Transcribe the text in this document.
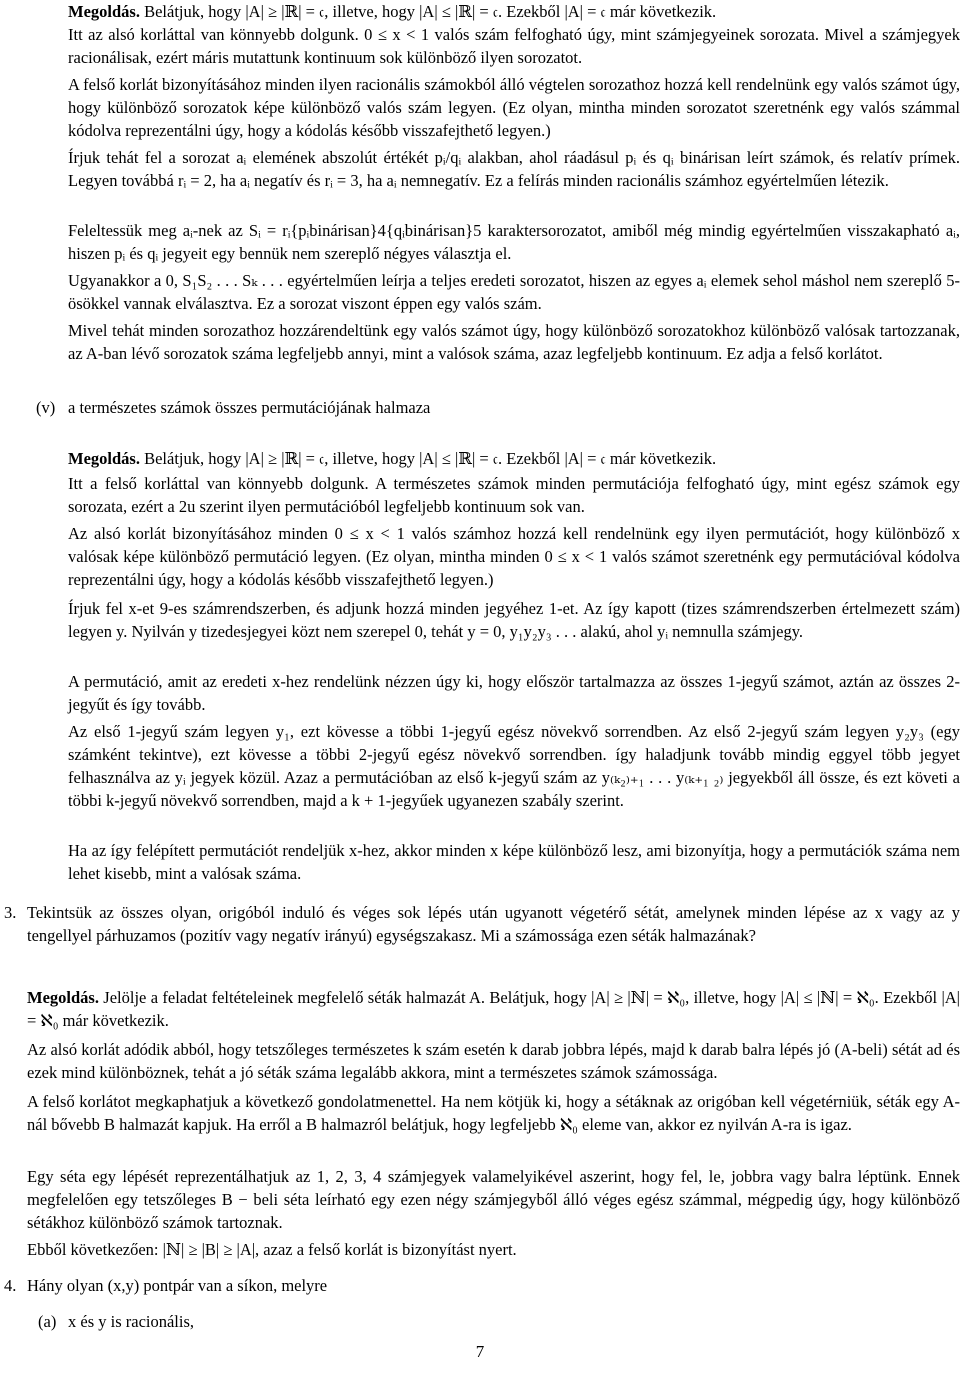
Megoldás. Belátjuk, hogy |A| ≥ |ℝ| = 𝔠, illetve, hogy |A| ≤ |ℝ| = 𝔠. Ezekből |A| = 𝔠 már következik.

Itt az alsó korláttal van könnyebb dolgunk. 0 ≤ x < 1 valós szám felfogható úgy, mint számjegyeinek sorozata. Mivel a számjegyek racionálisak, ezért máris mutattunk kontinuum sok különböző ilyen sorozatot.

A felső korlát bizonyításához minden ilyen racionális számokból álló végtelen sorozathoz hozzá kell rendelnünk egy valós számot úgy, hogy különböző sorozatok képe különböző valós szám legyen. (Ez olyan, mintha minden sorozatot szeretnénk egy valós számmal kódolva reprezentálni úgy, hogy a kódolás később visszafejthető legyen.)

Írjuk tehát fel a sorozat aᵢ elemének abszolút értékét pᵢ/qᵢ alakban, ahol ráadásul pᵢ és qᵢ binárisan leírt számok, és relatív prímek. Legyen továbbá rᵢ = 2, ha aᵢ negatív és rᵢ = 3, ha aᵢ nemnegatív. Ez a felírás minden racionális számhoz egyértelműen létezik.

Feleltessük meg aᵢ-nek az Sᵢ = rᵢ{pᵢbinárisan}4{qᵢbinárisan}5 karaktersorozatot, amiből még mindig egyértelműen visszakapható aᵢ, hiszen pᵢ és qᵢ jegyeit egy bennük nem szereplő négyes választja el.

Ugyanakkor a 0, S₁S₂ . . . Sₖ . . . egyértelműen leírja a teljes eredeti sorozatot, hiszen az egyes aᵢ elemek sehol máshol nem szereplő 5-ösökkel vannak elválasztva. Ez a sorozat viszont éppen egy valós szám.

Mivel tehát minden sorozathoz hozzárendeltünk egy valós számot úgy, hogy különböző sorozatokhoz különböző valósak tartozzanak, az A-ban lévő sorozatok száma legfeljebb annyi, mint a valósok száma, azaz legfeljebb kontinuum. Ez adja a felső korlátot.

(v) a természetes számok összes permutációjának halmaza

Megoldás. Belátjuk, hogy |A| ≥ |ℝ| = 𝔠, illetve, hogy |A| ≤ |ℝ| = 𝔠. Ezekből |A| = 𝔠 már következik.

Itt a felső korláttal van könnyebb dolgunk. A természetes számok minden permutációja felfogható úgy, mint egész számok egy sorozata, ezért a 2u szerint ilyen permutációból legfeljebb kontinuum sok van.

Az alsó korlát bizonyításához minden 0 ≤ x < 1 valós számhoz hozzá kell rendelnünk egy ilyen permutációt, hogy különböző x valósak képe különböző permutáció legyen. (Ez olyan, mintha minden 0 ≤ x < 1 valós számot szeretnénk egy permutációval kódolva reprezentálni úgy, hogy a kódolás később visszafejthető legyen.)

Írjuk fel x-et 9-es számrendszerben, és adjunk hozzá minden jegyéhez 1-et. Az így kapott (tizes számrendszerben értelmezett szám) legyen y. Nyilván y tizedesjegyei közt nem szerepel 0, tehát y = 0, y₁y₂y₃ . . . alakú, ahol yᵢ nemnulla számjegy.

A permutáció, amit az eredeti x-hez rendelünk nézzen úgy ki, hogy először tartalmazza az összes 1-jegyű számot, aztán az összes 2-jegyűt és így tovább.

Az első 1-jegyű szám legyen y₁, ezt kövesse a többi 1-jegyű egész növekvő sorrendben. Az első 2-jegyű szám legyen y₂y₃ (egy számként tekintve), ezt kövesse a többi 2-jegyű egész növekvő sorrendben. így haladjunk tovább mindig eggyel több jegyet felhasználva az yᵢ jegyek közül. Azaz a permutációban az első k-jegyű szám az y₍ₖ₂₎₊₁ . . . y₍ₖ₊₁ ₂₎ jegyekből áll össze, és ezt követi a többi k-jegyű növekvő sorrendben, majd a k + 1-jegyűek ugyanezen szabály szerint.

Ha az így felépített permutációt rendeljük x-hez, akkor minden x képe különböző lesz, ami bizonyítja, hogy a permutációk száma nem lehet kisebb, mint a valósak száma.

3. Tekintsük az összes olyan, origóból induló és véges sok lépés után ugyanott végetérő sétát, amelynek minden lépése az x vagy az y tengellyel párhuzamos (pozitív vagy negatív irányú) egységszakasz. Mi a számossága ezen séták halmazának?

Megoldás. Jelölje a feladat feltételeinek megfelelő séták halmazát A. Belátjuk, hogy |A| ≥ |ℕ| = ℵ₀, illetve, hogy |A| ≤ |ℕ| = ℵ₀. Ezekből |A| = ℵ₀ már következik.

Az alsó korlát adódik abból, hogy tetszőleges természetes k szám esetén k darab jobbra lépés, majd k darab balra lépés jó (A-beli) sétát ad és ezek mind különböznek, tehát a jó séták száma legalább akkora, mint a természetes számok számossága.

A felső korlátot megkaphatjuk a következő gondolatmenettel. Ha nem kötjük ki, hogy a sétáknak az origóban kell végetérniük, séták egy A-nál bővebb B halmazát kapjuk. Ha erről a B halmazról belátjuk, hogy legfeljebb ℵ₀ eleme van, akkor ez nyilván A-ra is igaz.

Egy séta egy lépését reprezentálhatjuk az 1, 2, 3, 4 számjegyek valamelyikével aszerint, hogy fel, le, jobbra vagy balra léptünk. Ennek megfelelően egy tetszőleges B − beli séta leírható egy ezen négy számjegyből álló véges egész számmal, mégpedig úgy, hogy különböző sétákhoz különböző számok tartoznak.

Ebből következően: |ℕ| ≥ |B| ≥ |A|, azaz a felső korlát is bizonyítást nyert.

4. Hány olyan (x,y) pontpár van a síkon, melyre
(a) x és y is racionális,
7
